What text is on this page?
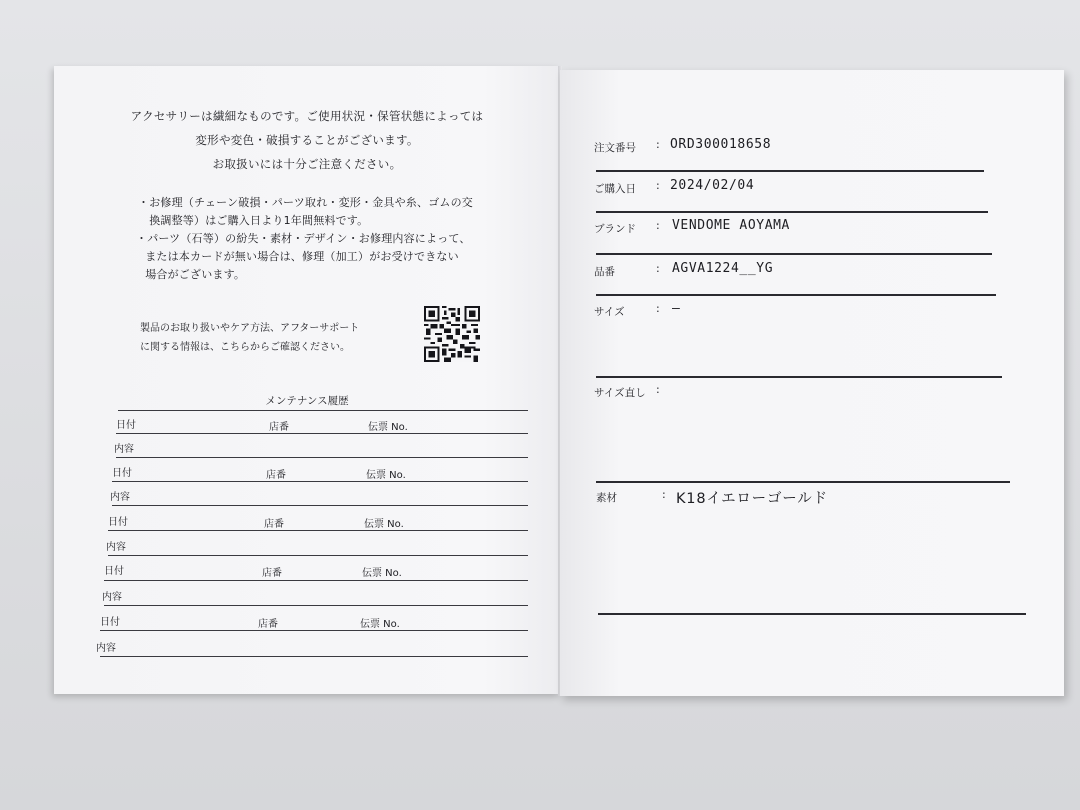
アクセサリーは繊細なものです。ご使用状況・保管状態によっては
変形や変色・破損することがございます。
お取扱いには十分ご注意ください。
・お修理（チェーン破損・パーツ取れ・変形・金具や糸、ゴムの交
　換調整等）はご購入日より1年間無料です。
・パーツ（石等）の紛失・素材・デザイン・お修理内容によって、
　または本カードが無い場合は、修理（加工）がお受けできない
　場合がございます。
製品のお取り扱いやケア方法、アフターサポート
に関する情報は、こちらからご確認ください。
メンテナンス履歴
日付	店番	伝票 No.
内容
日付	店番	伝票 No.
内容
日付	店番	伝票 No.
内容
日付	店番	伝票 No.
内容
日付	店番	伝票 No.
内容
注文番号 : ORD300018658
ご購入日 : 2024/02/04
ブランド : VENDOME AOYAMA
品番	: AGVA1224__YG
サイズ	: –
サイズ直し :
素材	: K18イエローゴールド
